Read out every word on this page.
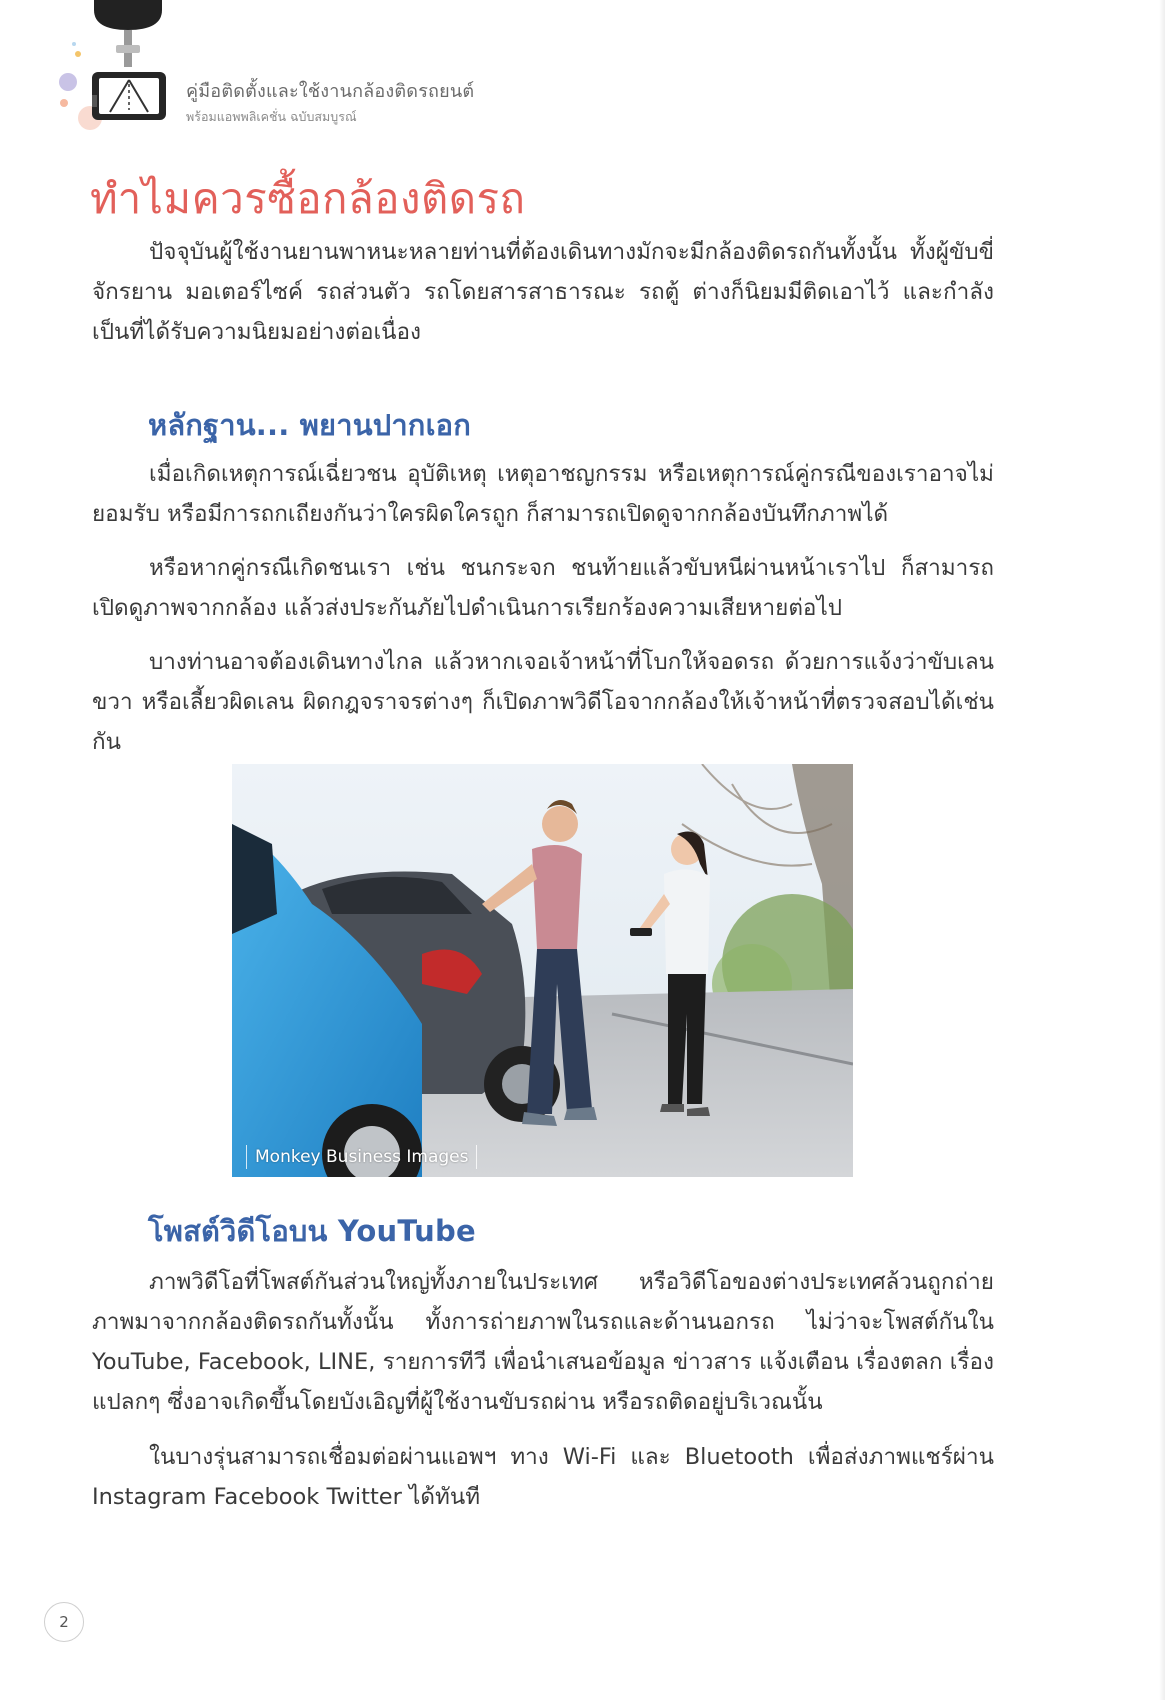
คู่มือติดตั้งและใช้งานกล้องติดรถยนต์
พร้อมแอพพลิเคชั่น ฉบับสมบูรณ์
ทำไมควรซื้อกล้องติดรถ

ปัจจุบันผู้ใช้งานยานพาหนะหลายท่านที่ต้องเดินทางมักจะมีกล้องติดรถกันทั้งนั้น ทั้งผู้ขับขี่จักรยาน มอเตอร์ไซค์ รถส่วนตัว รถโดยสารสาธารณะ รถตู้ ต่างก็นิยมมีติดเอาไว้ และกำลังเป็นที่ได้รับความนิยมอย่างต่อเนื่อง

หลักฐาน... พยานปากเอก

เมื่อเกิดเหตุการณ์เฉี่ยวชน อุบัติเหตุ เหตุอาชญกรรม หรือเหตุการณ์คู่กรณีของเราอาจไม่ยอมรับ หรือมีการถกเถียงกันว่าใครผิดใครถูก ก็สามารถเปิดดูจากกล้องบันทึกภาพได้

หรือหากคู่กรณีเกิดชนเรา เช่น ชนกระจก ชนท้ายแล้วขับหนีผ่านหน้าเราไป ก็สามารถเปิดดูภาพจากกล้อง แล้วส่งประกันภัยไปดำเนินการเรียกร้องความเสียหายต่อไป

บางท่านอาจต้องเดินทางไกล แล้วหากเจอเจ้าหน้าที่โบกให้จอดรถ ด้วยการแจ้งว่าขับเลนขวา หรือเลี้ยวผิดเลน ผิดกฎจราจรต่างๆ ก็เปิดภาพวิดีโอจากกล้องให้เจ้าหน้าที่ตรวจสอบได้เช่นกัน

Monkey Business Images
โพสต์วิดีโอบน YouTube

ภาพวิดีโอที่โพสต์กันส่วนใหญ่ทั้งภายในประเทศ หรือวิดีโอของต่างประเทศล้วนถูกถ่ายภาพมาจากกล้องติดรถกันทั้งนั้น ทั้งการถ่ายภาพในรถและด้านนอกรถ ไม่ว่าจะโพสต์กันใน YouTube, Facebook, LINE, รายการทีวี เพื่อนำเสนอข้อมูล ข่าวสาร แจ้งเตือน เรื่องตลก เรื่องแปลกๆ ซึ่งอาจเกิดขึ้นโดยบังเอิญที่ผู้ใช้งานขับรถผ่าน หรือรถติดอยู่บริเวณนั้น

ในบางรุ่นสามารถเชื่อมต่อผ่านแอพฯ ทาง Wi-Fi และ Bluetooth เพื่อส่งภาพแชร์ผ่าน Instagram Facebook Twitter ได้ทันที

2
